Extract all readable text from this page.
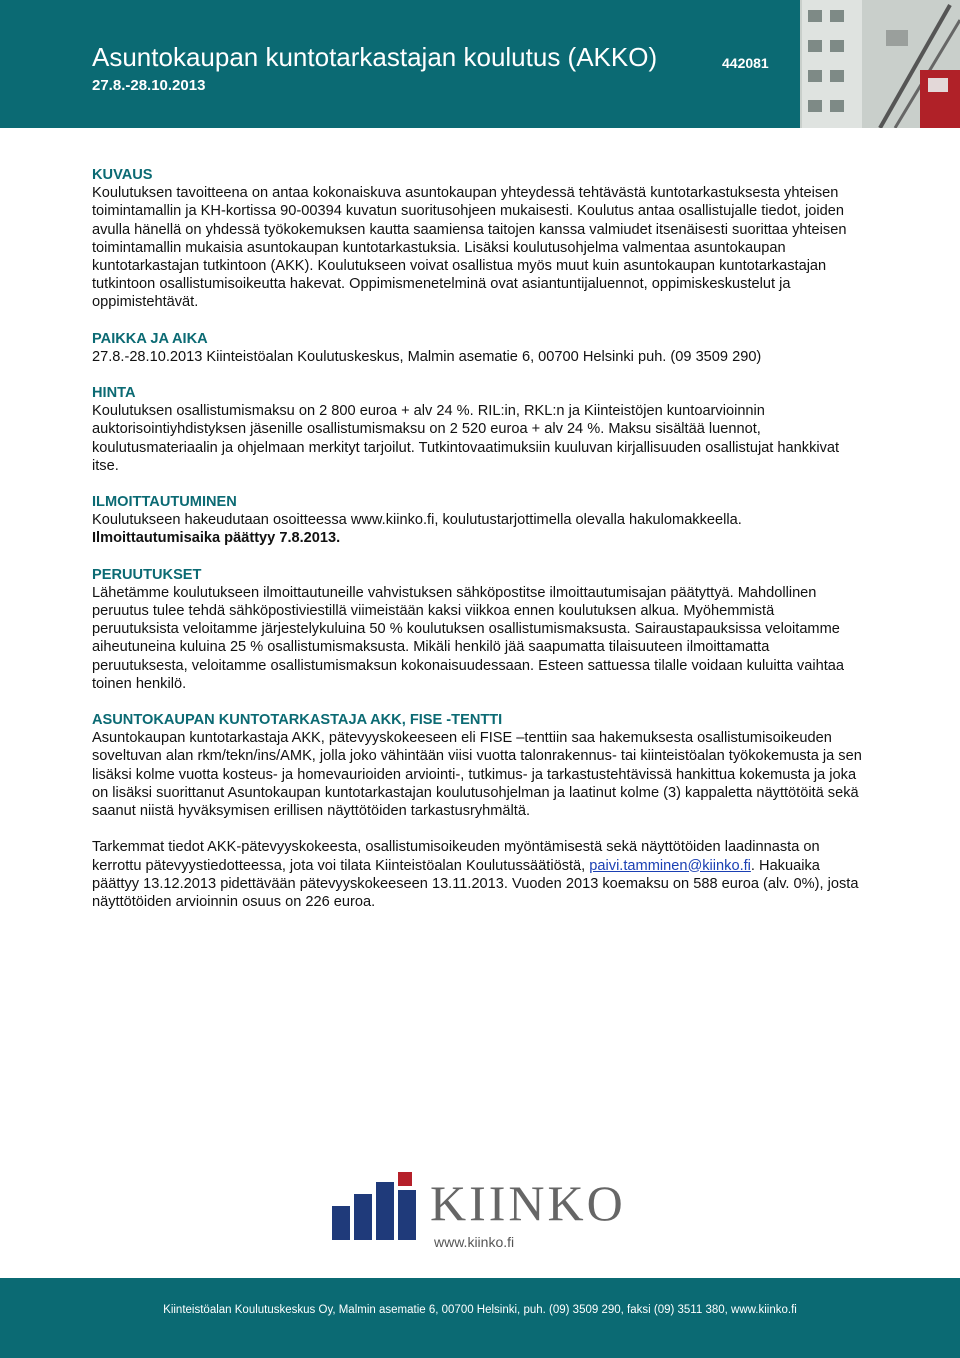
Asuntokaupan kuntotarkastajan koulutus (AKKO)	442081
27.8.-28.10.2013

KUVAUS

Koulutuksen tavoitteena on antaa kokonaiskuva asuntokaupan yhteydessä tehtävästä kuntotarkastuksesta yhteisen toimintamallin ja KH-kortissa 90-00394 kuvatun suoritusohjeen mukaisesti. Koulutus antaa osallistujalle tiedot, joiden avulla hänellä on yhdessä työkokemuksen kautta saamiensa taitojen kanssa valmiudet itsenäisesti suorittaa yhteisen toimintamallin mukaisia asuntokaupan kuntotarkastuksia. Lisäksi koulutusohjelma valmentaa asuntokaupan kuntotarkastajan tutkintoon (AKK). Koulutukseen voivat osallistua myös muut kuin asuntokaupan kuntotarkastajan tutkintoon osallistumisoikeutta hakevat. Oppimismenetelminä ovat asiantuntijaluennot, oppimiskeskustelut ja oppimistehtävät.

PAIKKA JA AIKA

27.8.-28.10.2013 Kiinteistöalan Koulutuskeskus, Malmin asematie 6, 00700 Helsinki puh. (09 3509 290)

HINTA

Koulutuksen osallistumismaksu on 2 800 euroa + alv 24 %. RIL:in, RKL:n ja Kiinteistöjen kuntoarvioinnin auktorisointiyhdistyksen jäsenille osallistumismaksu on 2 520 euroa + alv 24 %. Maksu sisältää luennot, koulutusmateriaalin ja ohjelmaan merkityt tarjoilut. Tutkintovaatimuksiin kuuluvan kirjallisuuden osallistujat hankkivat itse.

ILMOITTAUTUMINEN

Koulutukseen hakeudutaan osoitteessa www.kiinko.fi, koulutustarjottimella olevalla hakulomakkeella.

Ilmoittautumisaika päättyy 7.8.2013.

PERUUTUKSET

Lähetämme koulutukseen ilmoittautuneille vahvistuksen sähköpostitse ilmoittautumisajan päätyttyä. Mahdollinen peruutus tulee tehdä sähköpostiviestillä viimeistään kaksi viikkoa ennen koulutuksen alkua. Myöhemmistä peruutuksista veloitamme järjestelykuluina 50 % koulutuksen osallistumismaksusta. Sairaustapauksissa veloitamme aiheutuneina kuluina 25 % osallistumismaksusta. Mikäli henkilö jää saapumatta tilaisuuteen ilmoittamatta peruutuksesta, veloitamme osallistumismaksun kokonaisuudessaan. Esteen sattuessa tilalle voidaan kuluitta vaihtaa toinen henkilö.

ASUNTOKAUPAN KUNTOTARKASTAJA AKK, FISE -TENTTI

Asuntokaupan kuntotarkastaja AKK, pätevyyskokeeseen eli FISE –tenttiin saa hakemuksesta osallistumisoikeuden soveltuvan alan rkm/tekn/ins/AMK, jolla joko vähintään viisi vuotta talonrakennus- tai kiinteistöalan työkokemusta ja sen lisäksi kolme vuotta kosteus- ja homevaurioiden arviointi-, tutkimus- ja tarkastustehtävissä hankittua kokemusta ja joka on lisäksi suorittanut Asuntokaupan kuntotarkastajan koulutusohjelman ja laatinut kolme (3) kappaletta näyttötöitä sekä saanut niistä hyväksymisen erillisen näyttötöiden tarkastusryhmältä.

Tarkemmat tiedot AKK-pätevyyskokeesta, osallistumisoikeuden myöntämisestä sekä näyttötöiden laadinnasta on kerrottu pätevyystiedotteessa, jota voi tilata Kiinteistöalan Koulutussäätiöstä, paivi.tamminen@kiinko.fi. Hakuaika päättyy 13.12.2013 pidettävään pätevyyskokeeseen 13.11.2013. Vuoden 2013 koemaksu on 588 euroa (alv. 0%), josta näyttötöiden arvioinnin osuus on 226 euroa.

KIINKO
www.kiinko.fi
Kiinteistöalan Koulutuskeskus Oy, Malmin asematie 6, 00700 Helsinki, puh. (09) 3509 290, faksi (09) 3511 380, www.kiinko.fi
